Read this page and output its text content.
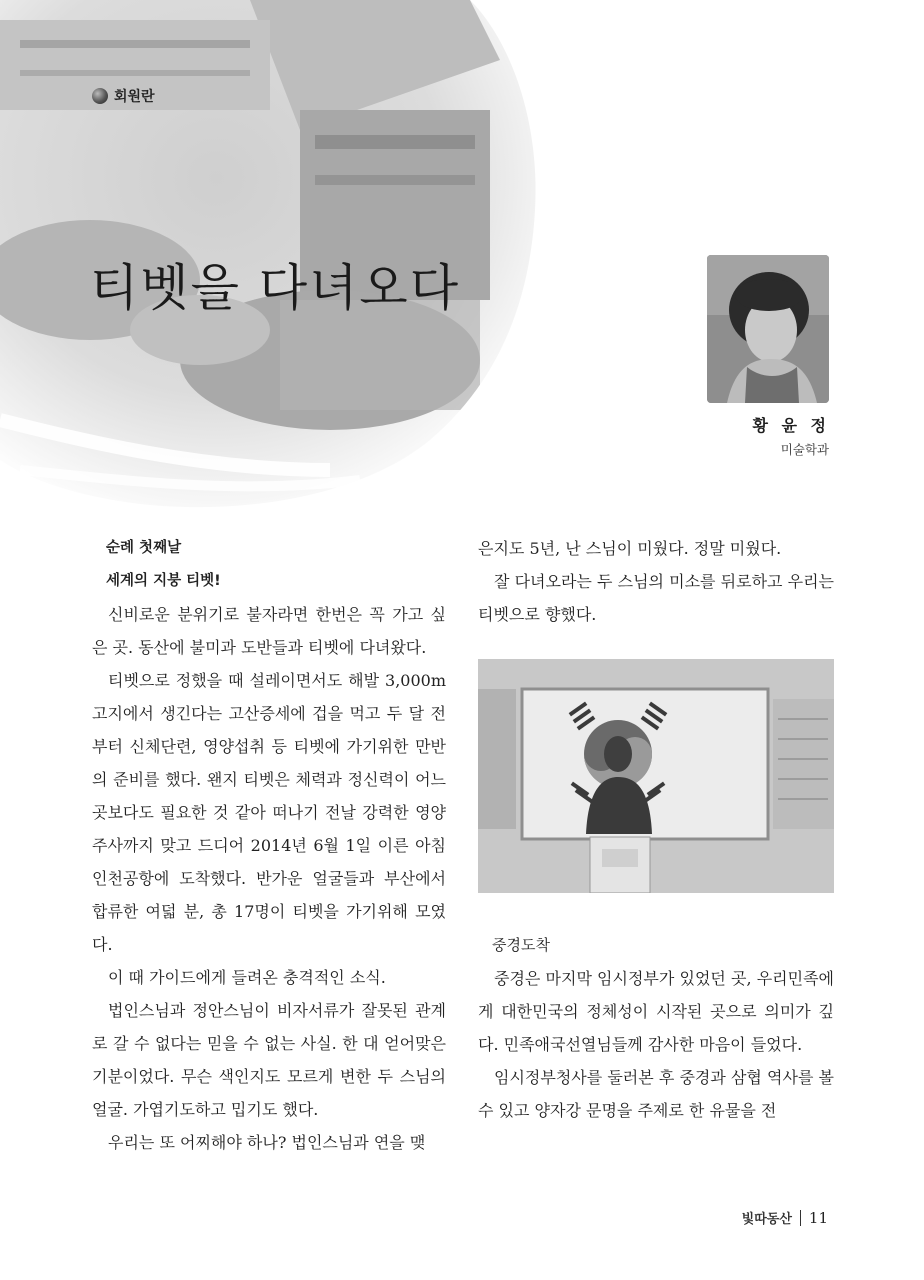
회원란
티벳을 다녀오다

황 윤 정

미술학과

순례 첫째날

세계의 지붕 티벳!

신비로운 분위기로 불자라면 한번은 꼭 가고 싶은 곳. 동산에 불미과 도반들과 티벳에 다녀왔다.

티벳으로 정했을 때 설레이면서도 해발 3,000m 고지에서 생긴다는 고산증세에 겁을 먹고 두 달 전부터 신체단련, 영양섭취 등 티벳에 가기위한 만반의 준비를 했다. 왠지 티벳은 체력과 정신력이 어느 곳보다도 필요한 것 같아 떠나기 전날 강력한 영양주사까지 맞고 드디어 2014년 6월 1일 이른 아침 인천공항에 도착했다. 반가운 얼굴들과 부산에서 합류한 여덟 분, 총 17명이 티벳을 가기위해 모였다.

이 때 가이드에게 들려온 충격적인 소식.

법인스님과 정안스님이 비자서류가 잘못된 관계로 갈 수 없다는 믿을 수 없는 사실. 한 대 얻어맞은 기분이었다. 무슨 색인지도 모르게 변한 두 스님의 얼굴. 가엽기도하고 밉기도 했다.

우리는 또 어찌해야 하나? 법인스님과 연을 맺

은지도 5년, 난 스님이 미웠다. 정말 미웠다.

잘 다녀오라는 두 스님의 미소를 뒤로하고 우리는 티벳으로 향했다.

중경도착

중경은 마지막 임시정부가 있었던 곳, 우리민족에게 대한민국의 정체성이 시작된 곳으로 의미가 깊다. 민족애국선열님들께 감사한 마음이 들었다.

임시정부청사를 둘러본 후 중경과 삼협 역사를 볼 수 있고 양자강 문명을 주제로 한 유물을 전

빛따동산 11
